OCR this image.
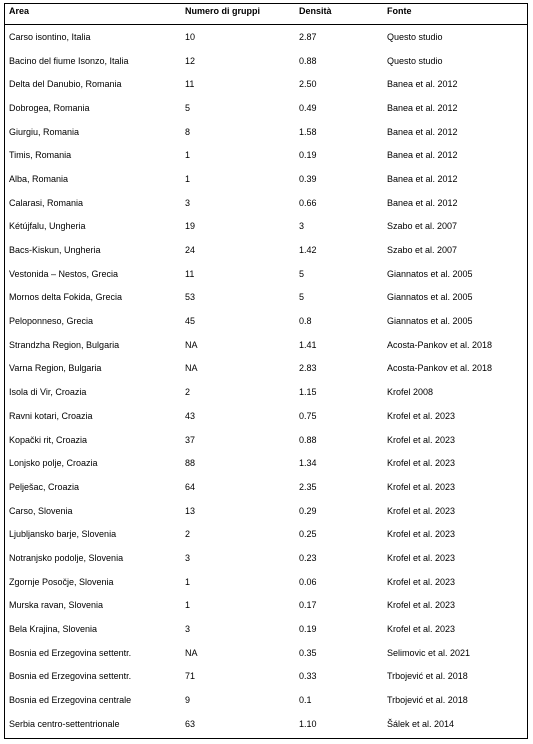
Area	Numero di gruppi	Densità	Fonte
Carso isontino, Italia	10	2.87	Questo studio
Bacino del fiume Isonzo, Italia	12	0.88	Questo studio
Delta del Danubio, Romania	11	2.50	Banea et al. 2012
Dobrogea, Romania	5	0.49	Banea et al. 2012
Giurgiu, Romania	8	1.58	Banea et al. 2012
Timis, Romania	1	0.19	Banea et al. 2012
Alba, Romania	1	0.39	Banea et al. 2012
Calarasi, Romania	3	0.66	Banea et al. 2012
Kétújfalu, Ungheria	19	3	Szabo et al. 2007
Bacs-Kiskun, Ungheria	24	1.42	Szabo et al. 2007
Vestonida – Nestos, Grecia	11	5	Giannatos et al. 2005
Mornos delta Fokida, Grecia	53	5	Giannatos et al. 2005
Peloponneso, Grecia	45	0.8	Giannatos et al. 2005
Strandzha Region, Bulgaria	NA	1.41	Acosta-Pankov et al. 2018
Varna Region, Bulgaria	NA	2.83	Acosta-Pankov et al. 2018
Isola di Vir, Croazia	2	1.15	Krofel 2008
Ravni kotari, Croazia	43	0.75	Krofel et al. 2023
Kopački rit, Croazia	37	0.88	Krofel et al. 2023
Lonjsko polje, Croazia	88	1.34	Krofel et al. 2023
Pelješac, Croazia	64	2.35	Krofel et al. 2023
Carso, Slovenia	13	0.29	Krofel et al. 2023
Ljubljansko barje, Slovenia	2	0.25	Krofel et al. 2023
Notranjsko podolje, Slovenia	3	0.23	Krofel et al. 2023
Zgornje Posočje, Slovenia	1	0.06	Krofel et al. 2023
Murska ravan, Slovenia	1	0.17	Krofel et al. 2023
Bela Krajina, Slovenia	3	0.19	Krofel et al. 2023
Bosnia ed Erzegovina settentr.	NA	0.35	Selimovic et al. 2021
Bosnia ed Erzegovina settentr.	71	0.33	Trbojević et al. 2018
Bosnia ed Erzegovina centrale	9	0.1	Trbojević et al. 2018
Serbia centro-settentrionale	63	1.10	Šálek et al. 2014
